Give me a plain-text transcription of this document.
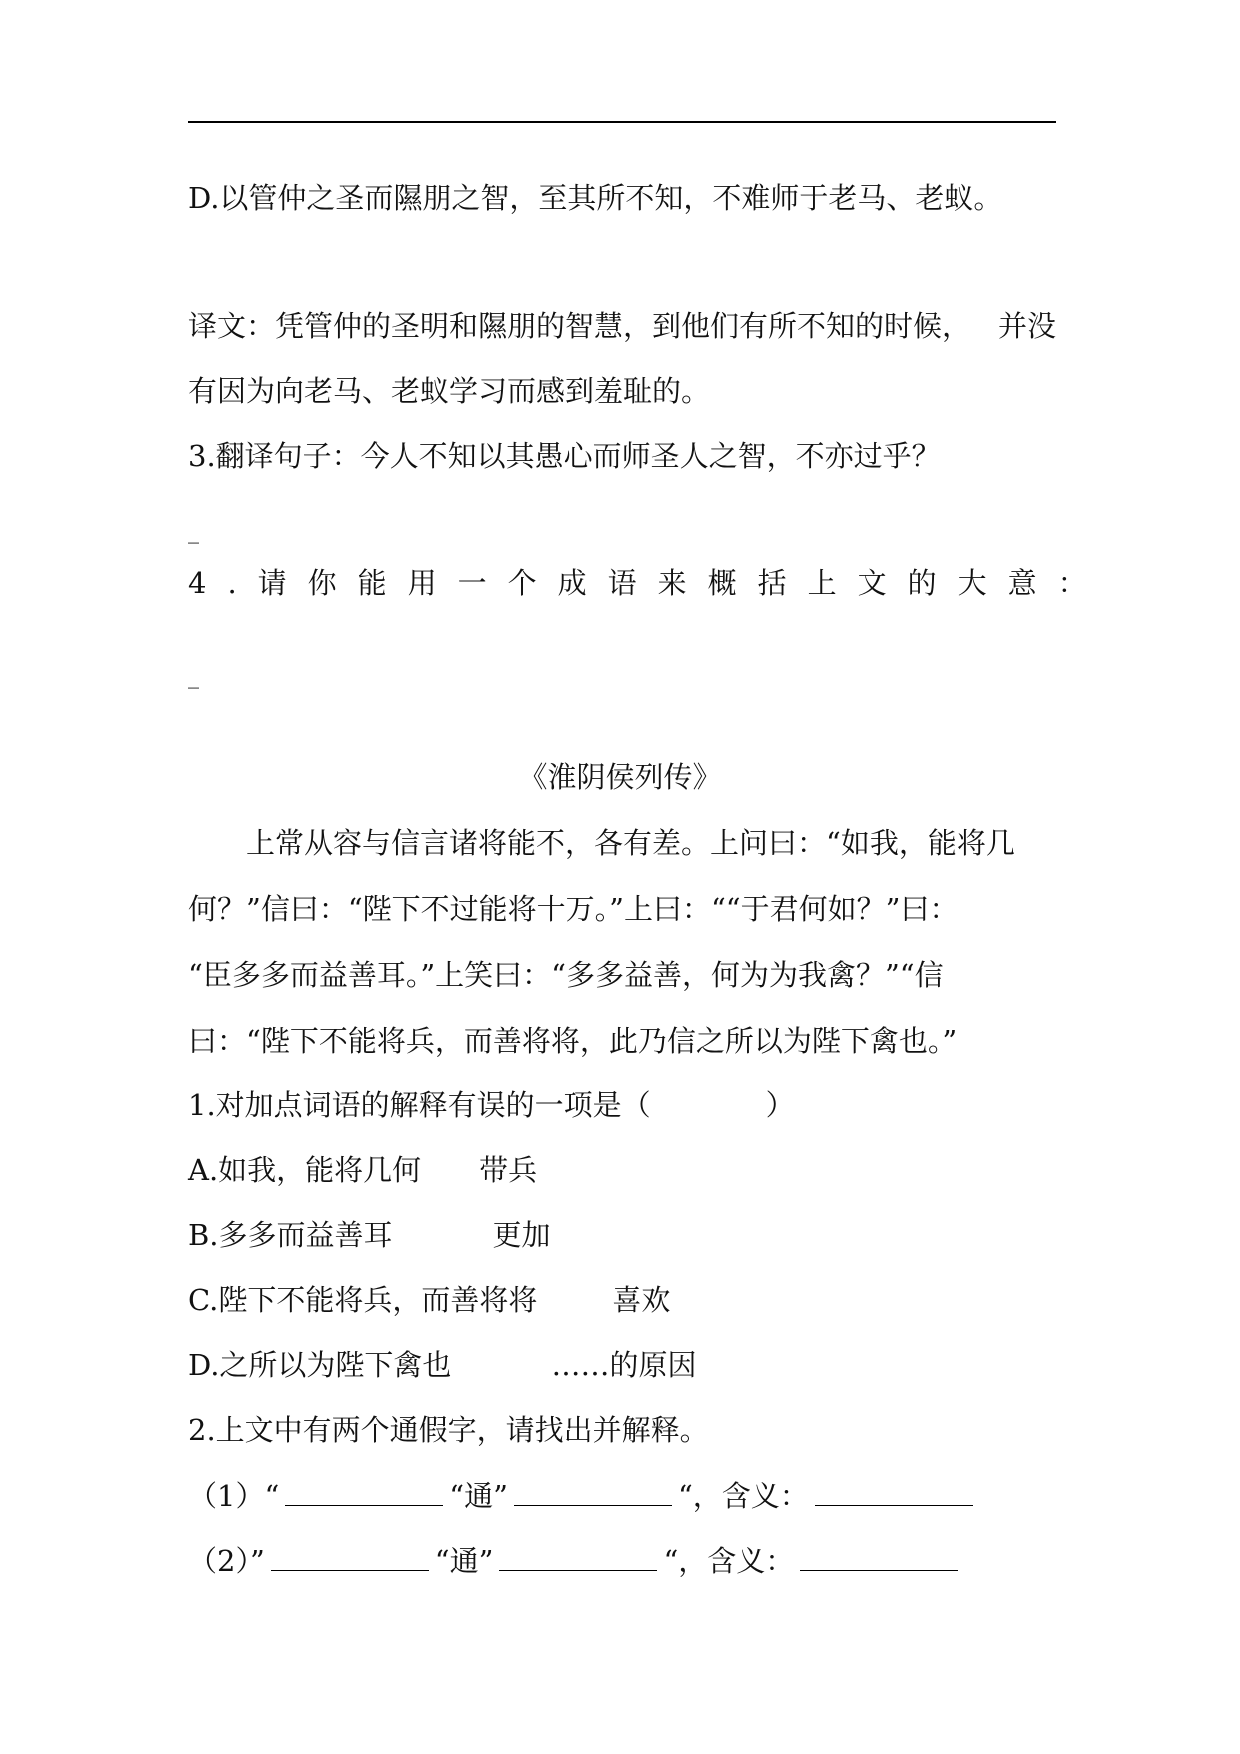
D.以管仲之圣而隰朋之智，至其所不知，不难师于老马、老蚁。

译文：凭管仲的圣明和隰朋的智慧，到他们有所不知的时候， 并没

有因为向老马、老蚁学习而感到羞耻的。

3.翻译句子：今人不知以其愚心而师圣人之智，不亦过乎？

_

4.请你能用一个成语来概括上文的大意：

_

《淮阴侯列传》

　　上常从容与信言诸将能不，各有差。上问曰：“如我，能将几

何？”信曰：“陛下不过能将十万。”上曰：““于君何如？”曰：

“臣多多而益善耳。”上笑曰：“多多益善，何为为我禽？”“信

曰：“陛下不能将兵，而善将将，此乃信之所以为陛下禽也。”

1.对加点词语的解释有误的一项是（	）

A.如我，能将几何 带兵

B.多多而益善耳	更加

C.陛下不能将兵，而善将将	喜欢

D.之所以为陛下禽也	……的原因

2.上文中有两个通假字，请找出并解释。

（1）“	“通”	“，含义：

（2）”	“通”	“，含义：
